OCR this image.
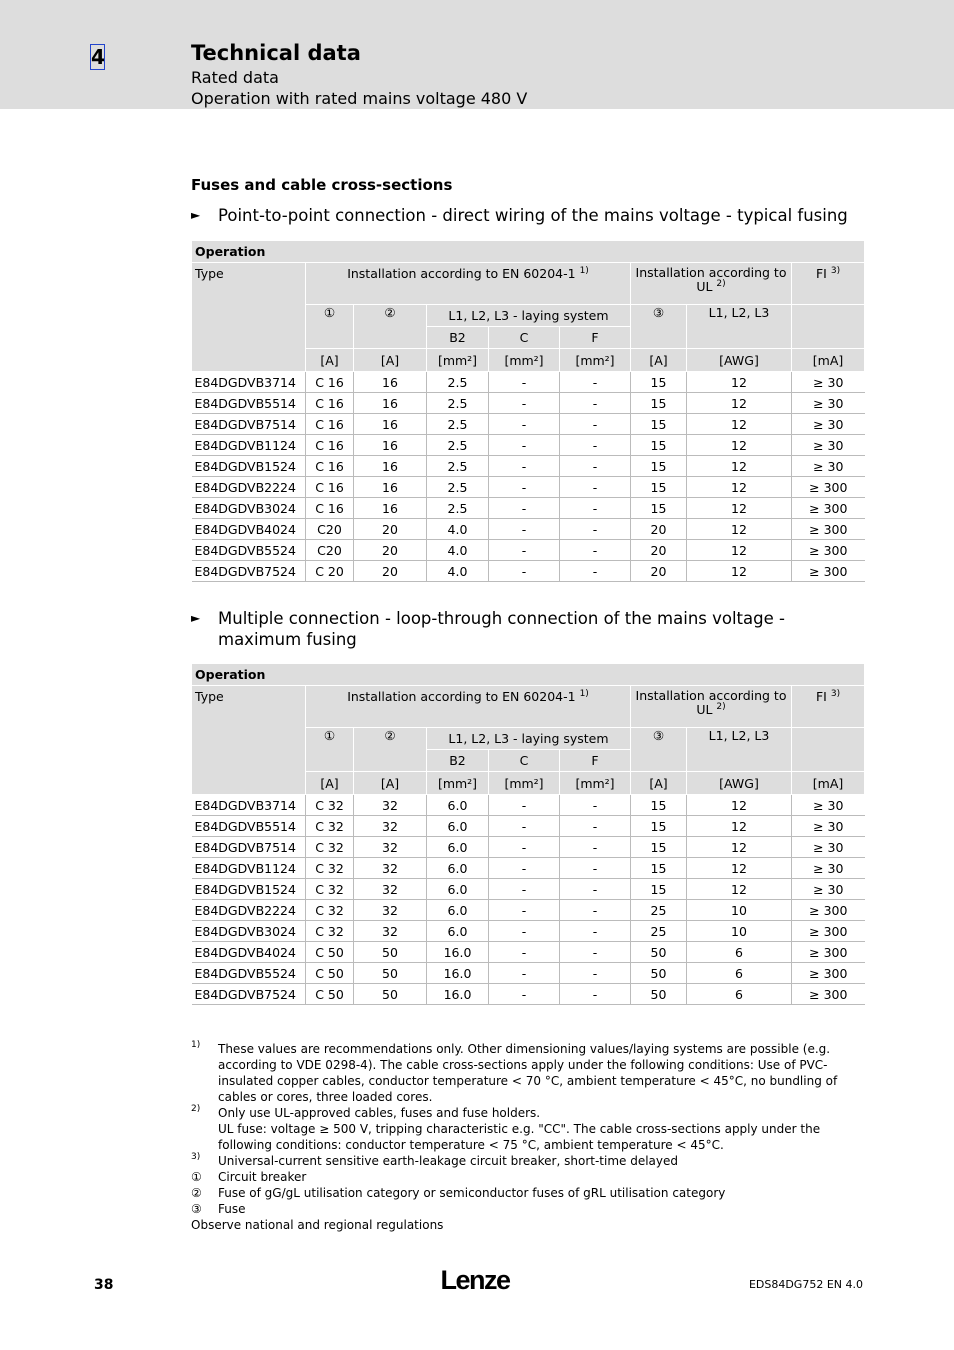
4	Technical data
Rated data
Operation with rated mains voltage 480 V
Fuses and cable cross-sections
► Point-to-point connection - direct wiring of the mains voltage - typical fusing
► Multiple connection - loop-through connection of the mains voltage - maximum fusing
Operation								
Type	Installation according to EN 60204-1 $^{1)}$					Installation according to UL $^{2)}$		FI $^{3)}$
	①	②	L1, L2, L3 - laying system			③	L1, L2, L3	
			B2	C	F			
	[A]	[A]	[mm²]	[mm²]	[mm²]	[A]	[AWG]	[mA]
E84DGDVB3714	C 16	16	2.5	-	-	15	12	≥ 30
E84DGDVB5514	C 16	16	2.5	-	-	15	12	≥ 30
E84DGDVB7514	C 16	16	2.5	-	-	15	12	≥ 30
E84DGDVB1124	C 16	16	2.5	-	-	15	12	≥ 30
E84DGDVB1524	C 16	16	2.5	-	-	15	12	≥ 30
E84DGDVB2224	C 16	16	2.5	-	-	15	12	≥ 300
E84DGDVB3024	C 16	16	2.5	-	-	15	12	≥ 300
E84DGDVB4024	C20	20	4.0	-	-	20	12	≥ 300
E84DGDVB5524	C20	20	4.0	-	-	20	12	≥ 300
E84DGDVB7524	C 20	20	4.0	-	-	20	12	≥ 300
Operation								
Type	Installation according to EN 60204-1 $^{1)}$					Installation according to UL $^{2)}$		FI $^{3)}$
	①	②	L1, L2, L3 - laying system			③	L1, L2, L3	
			B2	C	F			
	[A]	[A]	[mm²]	[mm²]	[mm²]	[A]	[AWG]	[mA]
E84DGDVB3714	C 32	32	6.0	-	-	15	12	≥ 30
E84DGDVB5514	C 32	32	6.0	-	-	15	12	≥ 30
E84DGDVB7514	C 32	32	6.0	-	-	15	12	≥ 30
E84DGDVB1124	C 32	32	6.0	-	-	15	12	≥ 30
E84DGDVB1524	C 32	32	6.0	-	-	15	12	≥ 30
E84DGDVB2224	C 32	32	6.0	-	-	25	10	≥ 300
E84DGDVB3024	C 32	32	6.0	-	-	25	10	≥ 300
E84DGDVB4024	C 50	50	16.0	-	-	50	6	≥ 300
E84DGDVB5524	C 50	50	16.0	-	-	50	6	≥ 300
E84DGDVB7524	C 50	50	16.0	-	-	50	6	≥ 300
1) These values are recommendations only. Other dimensioning values/laying systems are possible (e.g. according to VDE 0298-4). The cable cross-sections apply under the following conditions: Use of PVC-insulated copper cables, conductor temperature < 70 °C, ambient temperature < 45°C, no bundling of cables or cores, three loaded cores.
2) Only use UL-approved cables, fuses and fuse holders.
UL fuse: voltage ≥ 500 V, tripping characteristic e.g. "CC". The cable cross-sections apply under the following conditions: conductor temperature < 75 °C, ambient temperature < 45°C.
3) Universal-current sensitive earth-leakage circuit breaker, short-time delayed
① Circuit breaker
② Fuse of gG/gL utilisation category or semiconductor fuses of gRL utilisation category
③ Fuse
Observe national and regional regulations
38	Lenze	EDS84DG752 EN 4.0
